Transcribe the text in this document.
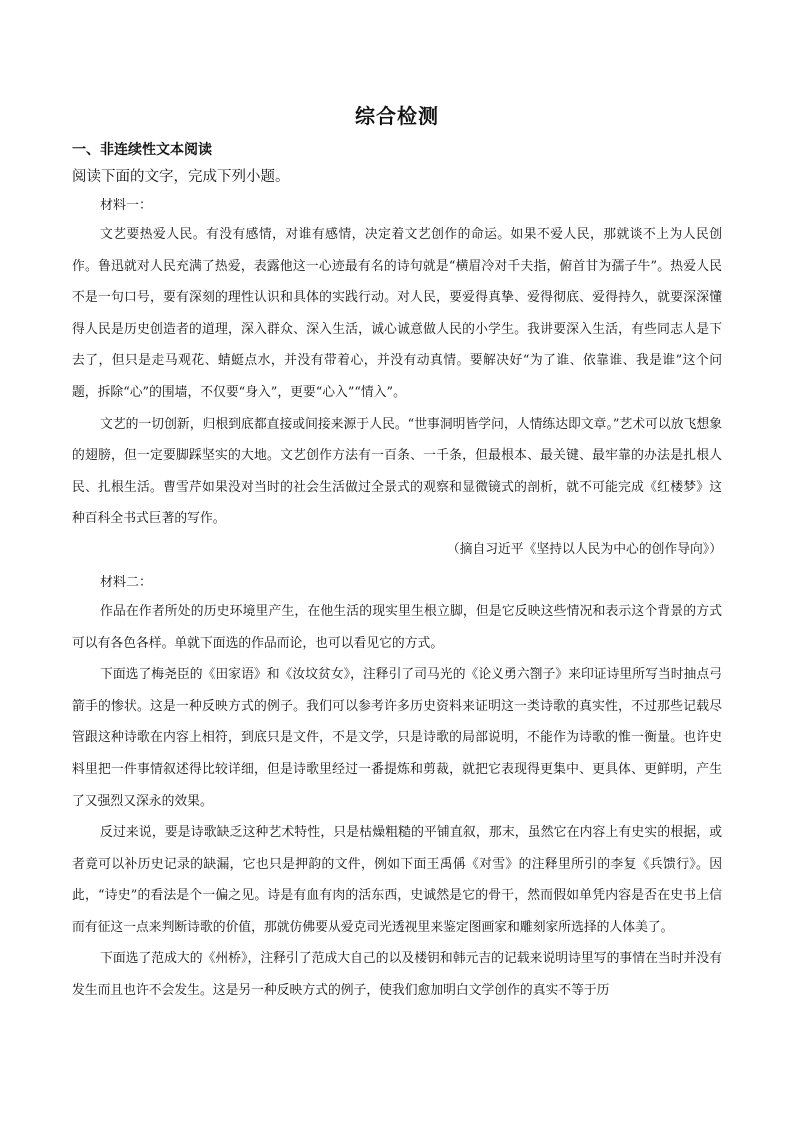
综合检测
一、非连续性文本阅读
阅读下面的文字，完成下列小题。
材料一：

文艺要热爱人民。有没有感情，对谁有感情，决定着文艺创作的命运。如果不爱人民，那就谈不上为人民创作。鲁迅就对人民充满了热爱，表露他这一心迹最有名的诗句就是“横眉冷对千夫指，俯首甘为孺子牛”。热爱人民不是一句口号，要有深刻的理性认识和具体的实践行动。对人民，要爱得真挚、爱得彻底、爱得持久，就要深深懂得人民是历史创造者的道理，深入群众、深入生活，诚心诚意做人民的小学生。我讲要深入生活，有些同志人是下去了，但只是走马观花、蜻蜓点水，并没有带着心，并没有动真情。要解决好“为了谁、依靠谁、我是谁”这个问题，拆除“心”的围墙，不仅要“身入”，更要“心入”“情入”。

文艺的一切创新，归根到底都直接或间接来源于人民。“世事洞明皆学问，人情练达即文章。”艺术可以放飞想象的翅膀，但一定要脚踩坚实的大地。文艺创作方法有一百条、一千条，但最根本、最关键、最牢靠的办法是扎根人民、扎根生活。曹雪芹如果没对当时的社会生活做过全景式的观察和显微镜式的剖析，就不可能完成《红楼梦》这种百科全书式巨著的写作。

（摘自习近平《坚持以人民为中心的创作导向》）

材料二：

作品在作者所处的历史环境里产生，在他生活的现实里生根立脚，但是它反映这些情况和表示这个背景的方式可以有各色各样。单就下面选的作品而论，也可以看见它的方式。

下面选了梅尧臣的《田家语》和《汝坟贫女》，注释引了司马光的《论义勇六劄子》来印证诗里所写当时抽点弓箭手的惨状。这是一种反映方式的例子。我们可以参考许多历史资料来证明这一类诗歌的真实性，不过那些记载尽管跟这种诗歌在内容上相符，到底只是文件，不是文学，只是诗歌的局部说明，不能作为诗歌的惟一衡量。也许史料里把一件事情叙述得比较详细，但是诗歌里经过一番提炼和剪裁，就把它表现得更集中、更具体、更鲜明，产生了又强烈又深永的效果。

反过来说，要是诗歌缺乏这种艺术特性，只是枯燥粗糙的平铺直叙，那末，虽然它在内容上有史实的根据，或者竟可以补历史记录的缺漏，它也只是押韵的文件，例如下面王禹偁《对雪》的注释里所引的李复《兵馈行》。因此，“诗史”的看法是个一偏之见。诗是有血有肉的活东西，史诚然是它的骨干，然而假如单凭内容是否在史书上信而有征这一点来判断诗歌的价值，那就仿佛要从爱克司光透视里来鉴定图画家和雕刻家所选择的人体美了。

下面选了范成大的《州桥》，注释引了范成大自己的以及楼钥和韩元吉的记载来说明诗里写的事情在当时并没有发生而且也许不会发生。这是另一种反映方式的例子，使我们愈加明白文学创作的真实不等于历
